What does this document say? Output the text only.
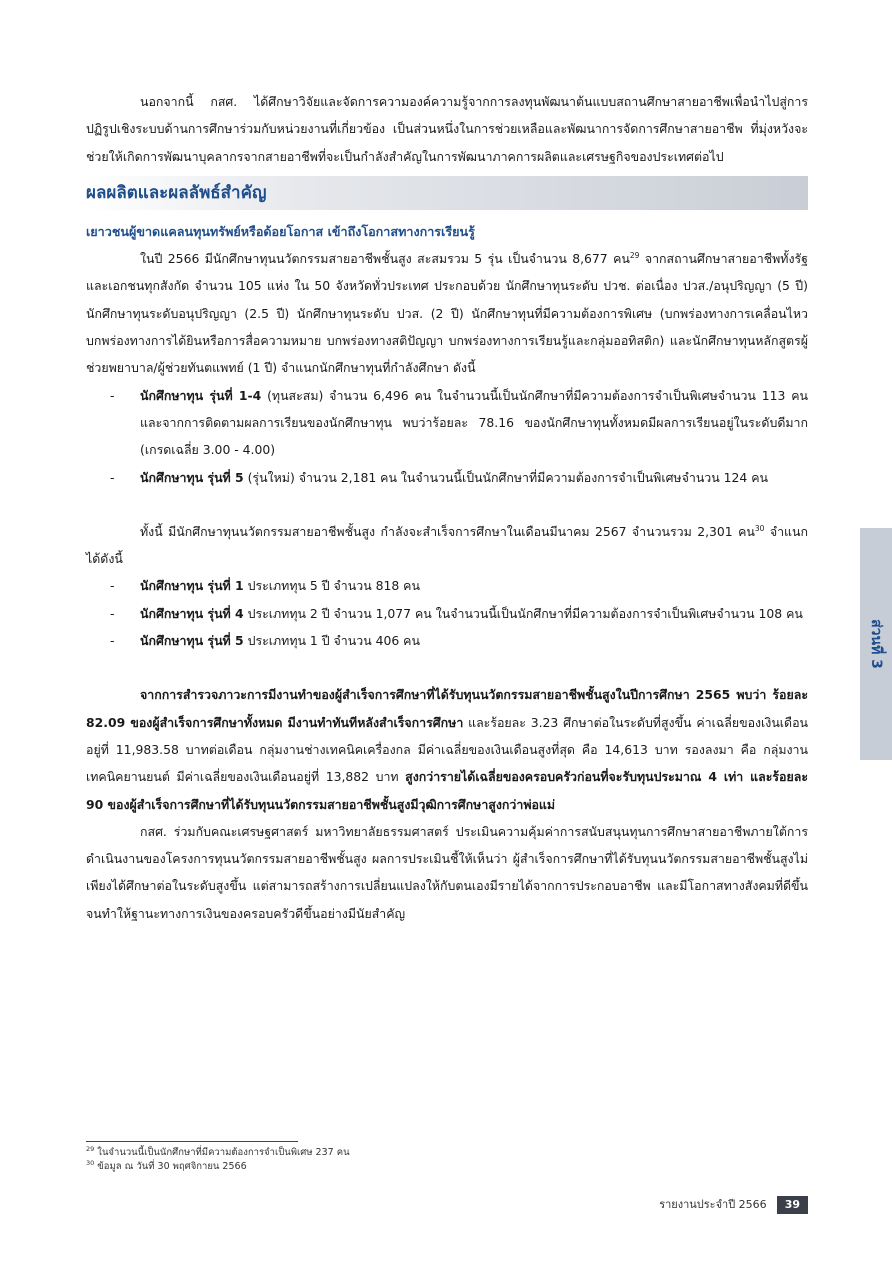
นอกจากนี้ กสศ. ได้ศึกษาวิจัยและจัดการความองค์ความรู้จากการลงทุนพัฒนาต้นแบบสถานศึกษาสายอาชีพเพื่อนำไปสู่การปฏิรูปเชิงระบบด้านการศึกษาร่วมกับหน่วยงานที่เกี่ยวข้อง เป็นส่วนหนึ่งในการช่วยเหลือและพัฒนาการจัดการศึกษาสายอาชีพ ที่มุ่งหวังจะช่วยให้เกิดการพัฒนาบุคลากรจากสายอาชีพที่จะเป็นกำลังสำคัญในการพัฒนาภาคการผลิตและเศรษฐกิจของประเทศต่อไป

ผลผลิตและผลลัพธ์สำคัญ
เยาวชนผู้ขาดแคลนทุนทรัพย์หรือด้อยโอกาส เข้าถึงโอกาสทางการเรียนรู้

ในปี 2566 มีนักศึกษาทุนนวัตกรรมสายอาชีพชั้นสูง สะสมรวม 5 รุ่น เป็นจำนวน 8,677 คน$^{29}$ จากสถานศึกษาสายอาชีพทั้งรัฐและเอกชนทุกสังกัด จำนวน 105 แห่ง ใน 50 จังหวัดทั่วประเทศ ประกอบด้วย นักศึกษาทุนระดับ ปวช. ต่อเนื่อง ปวส./อนุปริญญา (5 ปี) นักศึกษาทุนระดับอนุปริญญา (2.5 ปี) นักศึกษาทุนระดับ ปวส. (2 ปี) นักศึกษาทุนที่มีความต้องการพิเศษ (บกพร่องทางการเคลื่อนไหว บกพร่องทางการได้ยินหรือการสื่อความหมาย บกพร่องทางสติปัญญา บกพร่องทางการเรียนรู้และกลุ่มออทิสติก) และนักศึกษาทุนหลักสูตรผู้ช่วยพยาบาล/ผู้ช่วยทันตแพทย์ (1 ปี) จำแนกนักศึกษาทุนที่กำลังศึกษา ดังนี้

- นักศึกษาทุน รุ่นที่ 1-4 (ทุนสะสม) จำนวน 6,496 คน ในจำนวนนี้เป็นนักศึกษาที่มีความต้องการจำเป็นพิเศษจำนวน 113 คน และจากการติดตามผลการเรียนของนักศึกษาทุน พบว่าร้อยละ 78.16 ของนักศึกษาทุนทั้งหมดมีผลการเรียนอยู่ในระดับดีมาก (เกรดเฉลี่ย 3.00 - 4.00)
- นักศึกษาทุน รุ่นที่ 5 (รุ่นใหม่) จำนวน 2,181 คน ในจำนวนนี้เป็นนักศึกษาที่มีความต้องการจำเป็นพิเศษจำนวน 124 คน

ทั้งนี้ มีนักศึกษาทุนนวัตกรรมสายอาชีพชั้นสูง กำลังจะสำเร็จการศึกษาในเดือนมีนาคม 2567 จำนวนรวม 2,301 คน$^{30}$ จำแนกได้ดังนี้

- นักศึกษาทุน รุ่นที่ 1 ประเภททุน 5 ปี จำนวน 818 คน
- นักศึกษาทุน รุ่นที่ 4 ประเภททุน 2 ปี จำนวน 1,077 คน ในจำนวนนี้เป็นนักศึกษาที่มีความต้องการจำเป็นพิเศษจำนวน 108 คน
- นักศึกษาทุน รุ่นที่ 5 ประเภททุน 1 ปี จำนวน 406 คน

จากการสำรวจภาวะการมีงานทำของผู้สำเร็จการศึกษาที่ได้รับทุนนวัตกรรมสายอาชีพชั้นสูงในปีการศึกษา 2565 พบว่า ร้อยละ 82.09 ของผู้สำเร็จการศึกษาทั้งหมด มีงานทำทันทีหลังสำเร็จการศึกษา และร้อยละ 3.23 ศึกษาต่อในระดับที่สูงขึ้น ค่าเฉลี่ยของเงินเดือนอยู่ที่ 11,983.58 บาทต่อเดือน กลุ่มงานช่างเทคนิคเครื่องกล มีค่าเฉลี่ยของเงินเดือนสูงที่สุด คือ 14,613 บาท รองลงมา คือ กลุ่มงานเทคนิคยานยนต์ มีค่าเฉลี่ยของเงินเดือนอยู่ที่ 13,882 บาท สูงกว่ารายได้เฉลี่ยของครอบครัวก่อนที่จะรับทุนประมาณ 4 เท่า และร้อยละ 90 ของผู้สำเร็จการศึกษาที่ได้รับทุนนวัตกรรมสายอาชีพชั้นสูงมีวุฒิการศึกษาสูงกว่าพ่อแม่

กสศ. ร่วมกับคณะเศรษฐศาสตร์ มหาวิทยาลัยธรรมศาสตร์ ประเมินความคุ้มค่าการสนับสนุนทุนการศึกษาสายอาชีพภายใต้การดำเนินงานของโครงการทุนนวัตกรรมสายอาชีพชั้นสูง ผลการประเมินชี้ให้เห็นว่า ผู้สำเร็จการศึกษาที่ได้รับทุนนวัตกรรมสายอาชีพชั้นสูงไม่เพียงได้ศึกษาต่อในระดับสูงขึ้น แต่สามารถสร้างการเปลี่ยนแปลงให้กับตนเองมีรายได้จากการประกอบอาชีพ และมีโอกาสทางสังคมที่ดีขึ้น จนทำให้ฐานะทางการเงินของครอบครัวดีขึ้นอย่างมีนัยสำคัญ

ส่วนที่ 3
$^{29}$ ในจำนวนนี้เป็นนักศึกษาที่มีความต้องการจำเป็นพิเศษ 237 คน
$^{30}$ ข้อมูล ณ วันที่ 30 พฤศจิกายน 2566
รายงานประจำปี 2566	39
